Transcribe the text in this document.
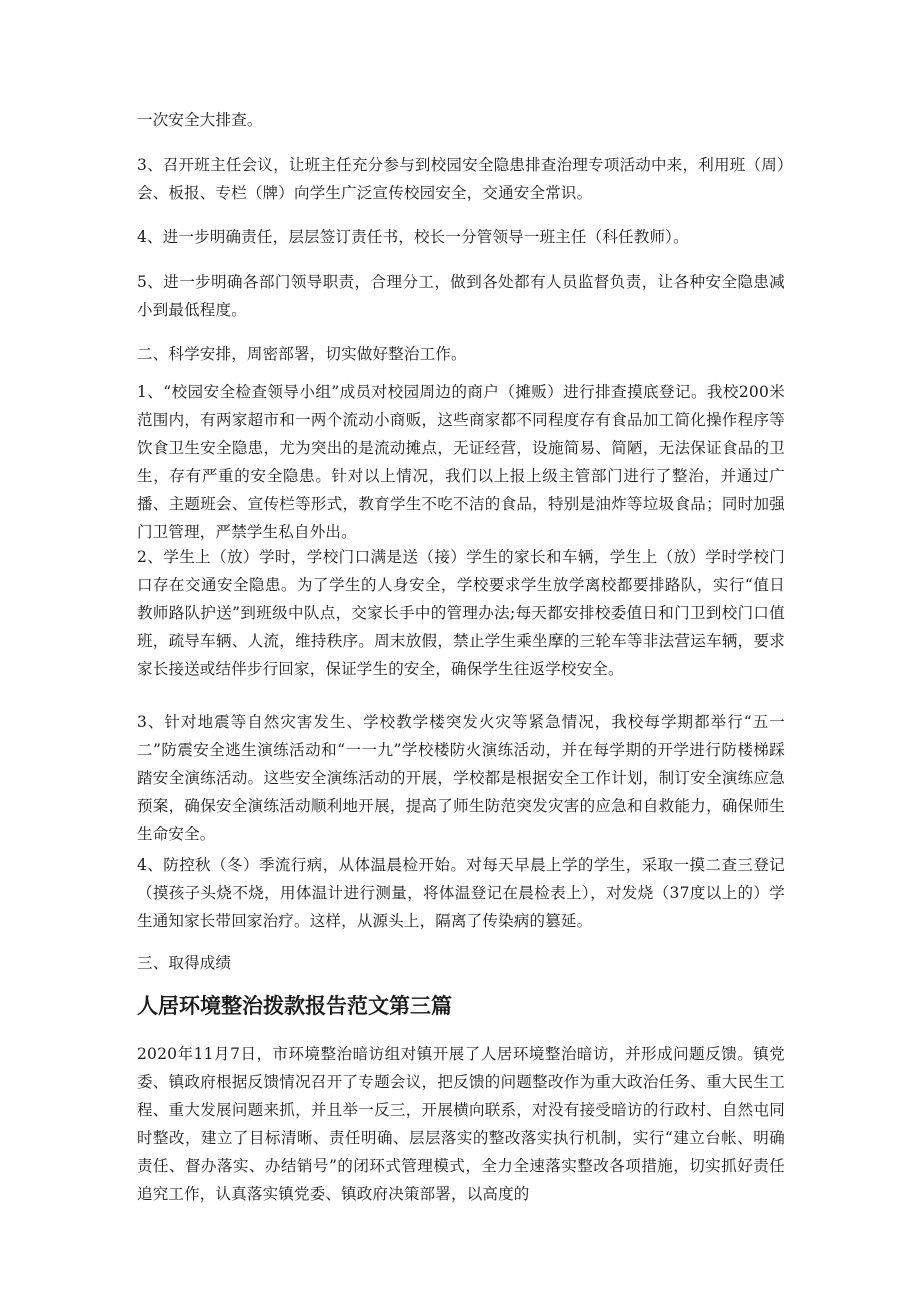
一次安全大排查。

3、召开班主任会议，让班主任充分参与到校园安全隐患排查治理专项活动中来，利用班（周）会、板报、专栏（牌）向学生广泛宣传校园安全，交通安全常识。

4、进一步明确责任，层层签订责任书，校长一分管领导一班主任（科任教师）。

5、进一步明确各部门领导职责，合理分工，做到各处都有人员监督负责，让各种安全隐患减小到最低程度。

二、科学安排，周密部署，切实做好整治工作。

1、“校园安全检查领导小组”成员对校园周边的商户（摊贩）进行排查摸底登记。我校200米范围内，有两家超市和一两个流动小商贩，这些商家都不同程度存有食品加工简化操作程序等饮食卫生安全隐患，尤为突出的是流动摊点，无证经营，设施简易、简陋，无法保证食品的卫生，存有严重的安全隐患。针对以上情况，我们以上报上级主管部门进行了整治，并通过广播、主题班会、宣传栏等形式，教育学生不吃不洁的食品，特别是油炸等垃圾食品；同时加强门卫管理，严禁学生私自外出。

2、学生上（放）学时，学校门口满是送（接）学生的家长和车辆，学生上（放）学时学校门口存在交通安全隐患。为了学生的人身安全，学校要求学生放学离校都要排路队，实行“值日教师路队护送”到班级中队点，交家长手中的管理办法;每天都安排校委值日和门卫到校门口值班，疏导车辆、人流，维持秩序。周末放假，禁止学生乘坐摩的三轮车等非法营运车辆，要求家长接送或结伴步行回家，保证学生的安全，确保学生往返学校安全。

3、针对地震等自然灾害发生、学校教学楼突发火灾等紧急情况，我校每学期都举行“五一二”防震安全逃生演练活动和“一一九”学校楼防火演练活动，并在每学期的开学进行防楼梯踩踏安全演练活动。这些安全演练活动的开展，学校都是根据安全工作计划，制订安全演练应急预案，确保安全演练活动顺利地开展，提高了师生防范突发灾害的应急和自救能力，确保师生生命安全。

4、防控秋（冬）季流行病，从体温晨检开始。对每天早晨上学的学生，采取一摸二查三登记（摸孩子头烧不烧，用体温计进行测量，将体温登记在晨检表上），对发烧（37度以上的）学生通知家长带回家治疗。这样，从源头上，隔离了传染病的篡延。

三、取得成绩

人居环境整治拨款报告范文第三篇

2020年11月7日，市环境整治暗访组对镇开展了人居环境整治暗访，并形成问题反馈。镇党委、镇政府根据反馈情况召开了专题会议，把反馈的问题整改作为重大政治任务、重大民生工程、重大发展问题来抓，并且举一反三，开展横向联系，对没有接受暗访的行政村、自然屯同时整改，建立了目标清晰、责任明确、层层落实的整改落实执行机制，实行“建立台帐、明确责任、督办落实、办结销号”的闭环式管理模式，全力全速落实整改各项措施，切实抓好责任追究工作，认真落实镇党委、镇政府决策部署，以高度的
